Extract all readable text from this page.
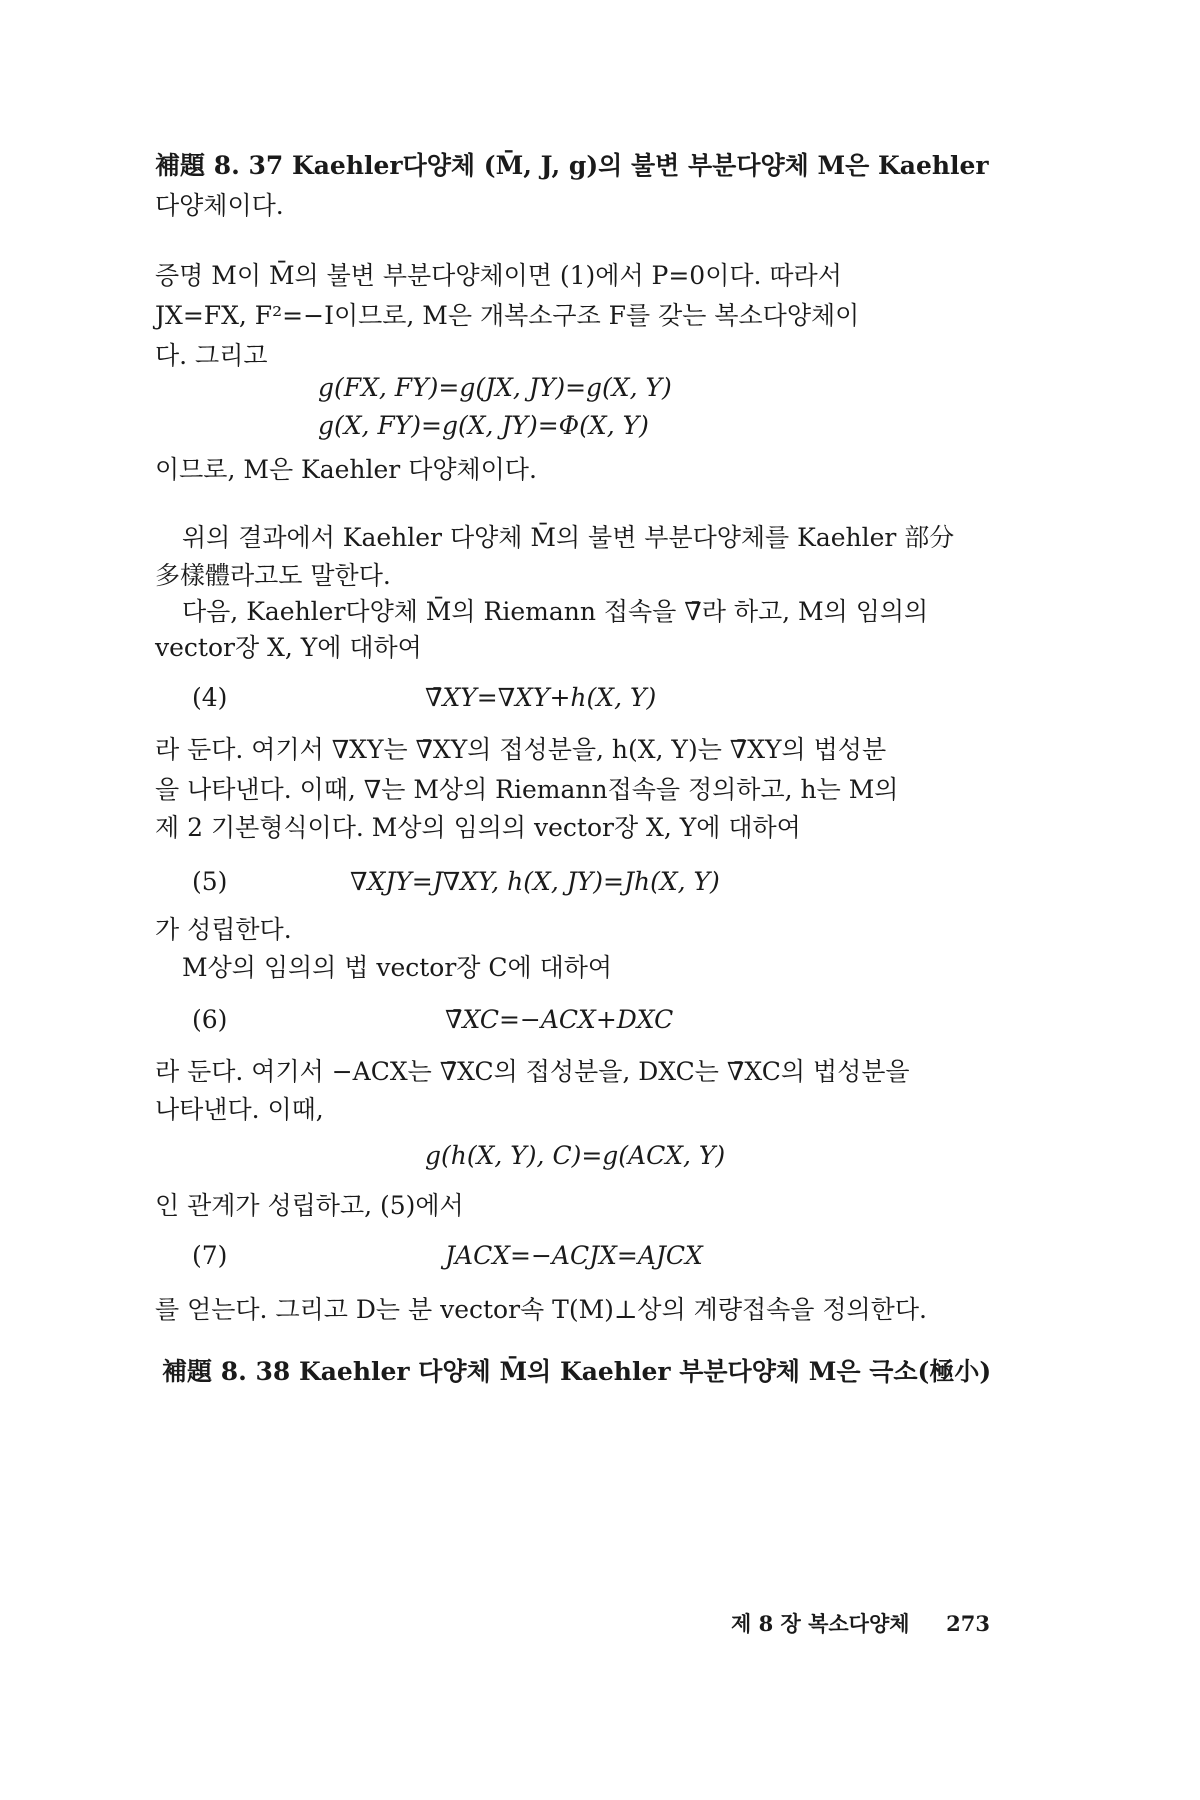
補題 8. 37 Kaehler다양체 (M̄, J, g)의 불변 부분다양체 M은 Kaehler
다양체이다.
증명 M이 M̄의 불변 부분다양체이면 (1)에서 P=0이다. 따라서
JX=FX, F²=−I이므로, M은 개복소구조 F를 갖는 복소다양체이
다. 그리고
g(FX, FY)=g(JX, JY)=g(X, Y)
g(X, FY)=g(X, JY)=Φ(X, Y)
이므로, M은 Kaehler 다양체이다.
위의 결과에서 Kaehler 다양체 M̄의 불변 부분다양체를 Kaehler 部分
多樣體라고도 말한다.
다음, Kaehler다양체 M̄의 Riemann 접속을 ∇̄라 하고, M의 임의의
vector장 X, Y에 대하여
(4)	∇̄XY=∇XY+h(X, Y)
라 둔다. 여기서 ∇XY는 ∇̄XY의 접성분을, h(X, Y)는 ∇̄XY의 법성분
을 나타낸다. 이때, ∇는 M상의 Riemann접속을 정의하고, h는 M의
제 2 기본형식이다. M상의 임의의 vector장 X, Y에 대하여
(5)	∇XJY=J∇XY, h(X, JY)=Jh(X, Y)
가 성립한다.
M상의 임의의 법 vector장 C에 대하여
(6)	∇̄XC=−ACX+DXC
라 둔다. 여기서 −ACX는 ∇̄XC의 접성분을, DXC는 ∇̄XC의 법성분을
나타낸다. 이때,
g(h(X, Y), C)=g(ACX, Y)
인 관계가 성립하고, (5)에서
(7)	JACX=−ACJX=AJCX
를 얻는다. 그리고 D는 분 vector속 T(M)⊥상의 계량접속을 정의한다.
補題 8. 38 Kaehler 다양체 M̄의 Kaehler 부분다양체 M은 극소(極小)
제 8 장 복소다양체 273
